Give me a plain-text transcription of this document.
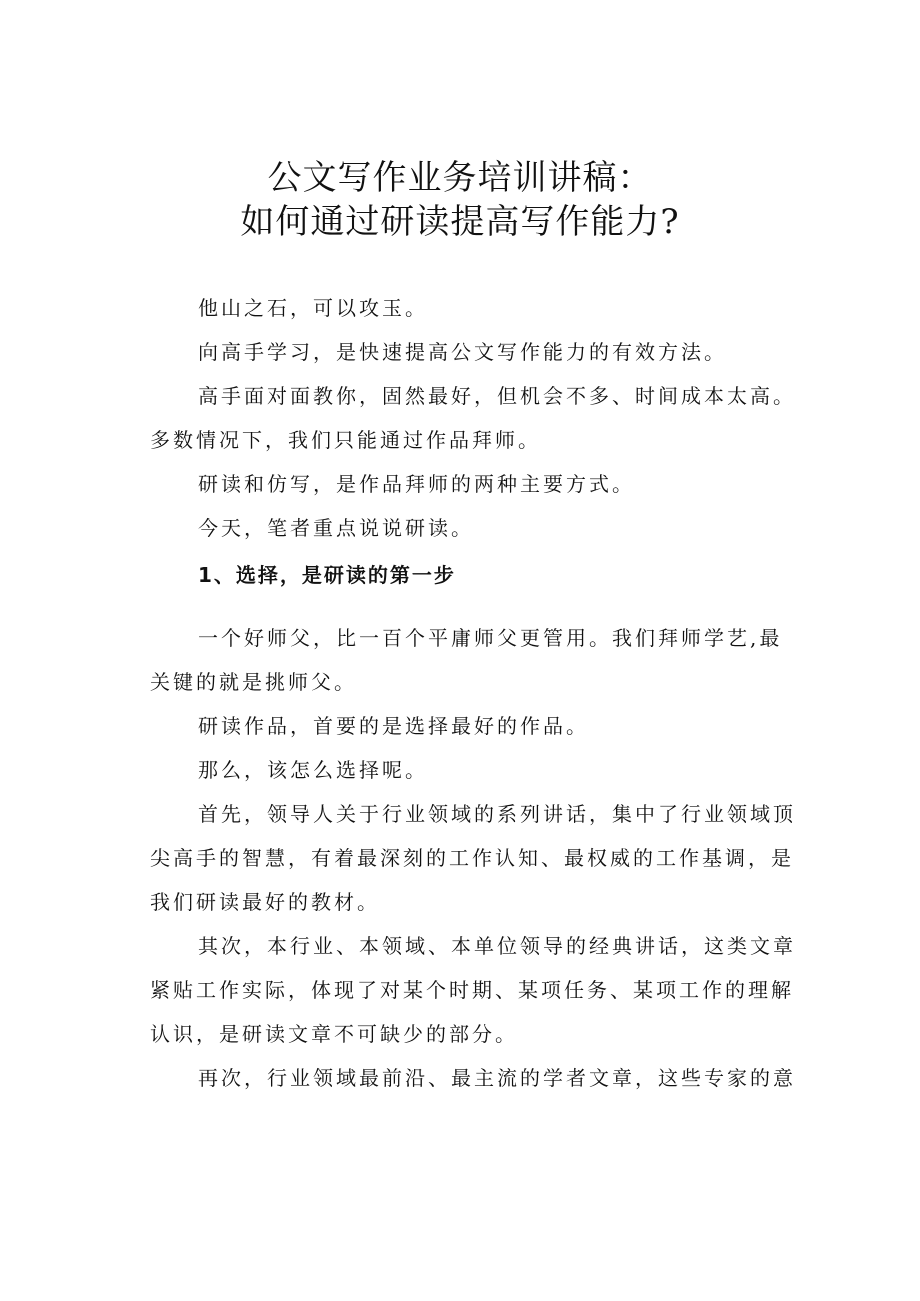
公文写作业务培训讲稿：
如何通过研读提高写作能力?

他山之石，可以攻玉。

向高手学习，是快速提高公文写作能力的有效方法。

高手面对面教你，固然最好，但机会不多、时间成本太高。多数情况下，我们只能通过作品拜师。

研读和仿写，是作品拜师的两种主要方式。

今天，笔者重点说说研读。

1、选择，是研读的第一步

一个好师父，比一百个平庸师父更管用。我们拜师学艺,最关键的就是挑师父。

研读作品，首要的是选择最好的作品。

那么，该怎么选择呢。

首先，领导人关于行业领域的系列讲话，集中了行业领域顶尖高手的智慧，有着最深刻的工作认知、最权威的工作基调，是我们研读最好的教材。

其次，本行业、本领域、本单位领导的经典讲话，这类文章紧贴工作实际，体现了对某个时期、某项任务、某项工作的理解认识，是研读文章不可缺少的部分。

再次，行业领域最前沿、最主流的学者文章，这些专家的意
